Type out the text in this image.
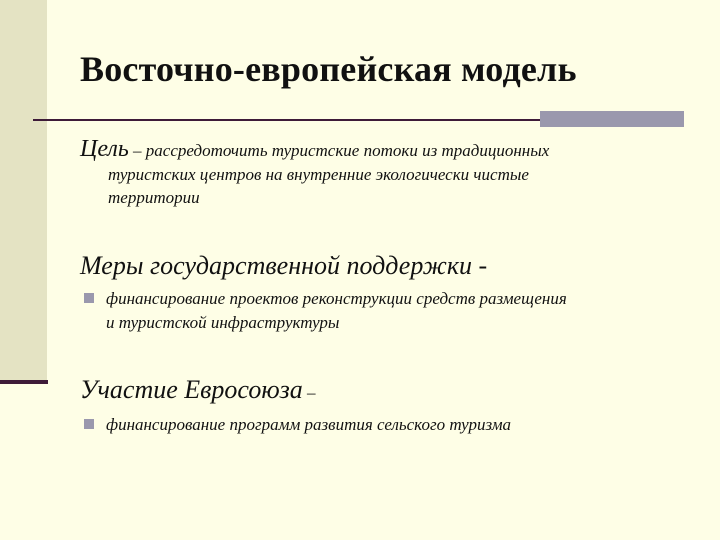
Восточно-европейская модель
Цель – рассредоточить туристские потоки из традиционных
туристских центров на внутренние экологически чистые
территории
Меры государственной поддержки -
финансирование проектов реконструкции средств размещения
и туристской инфраструктуры
Участие Евросоюза –
финансирование программ развития сельского туризма
